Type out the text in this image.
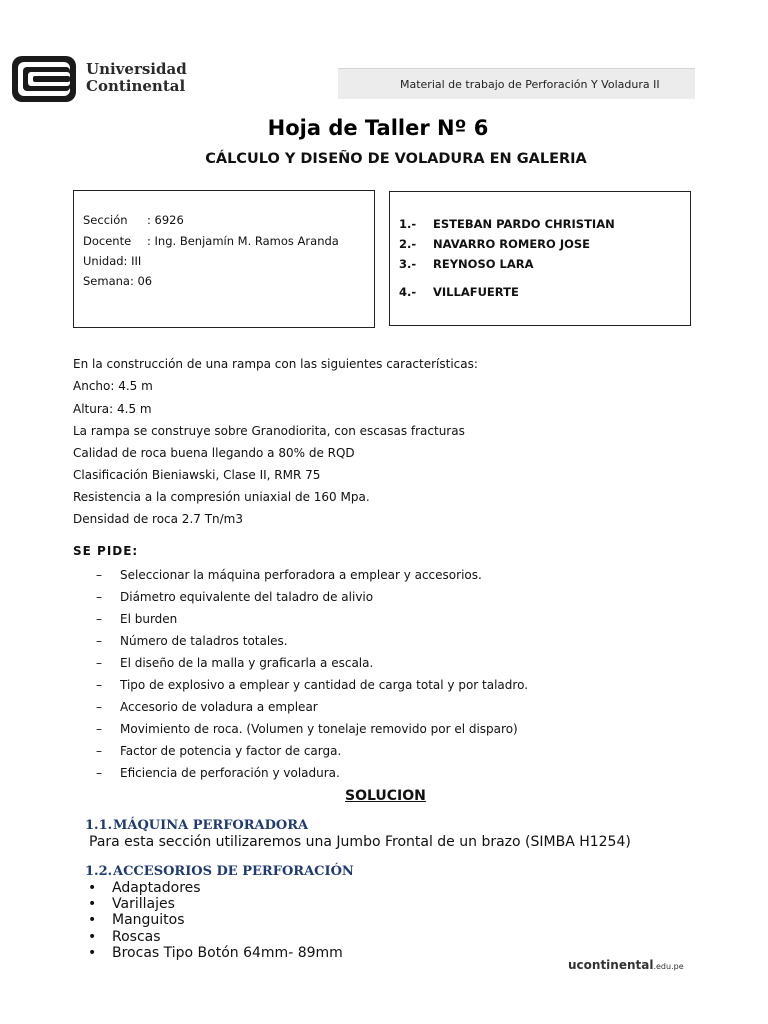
Universidad
Continental	Material de trabajo de Perforación Y Voladura II
Hoja de Taller Nº 6
CÁLCULO Y DISEÑO DE VOLADURA EN GALERIA
Sección : 6926
Docente : Ing. Benjamín M. Ramos Aranda
Unidad: III
Semana: 06
1.- ESTEBAN PARDO CHRISTIAN
2.- NAVARRO ROMERO JOSE
3.- REYNOSO LARA
4.- VILLAFUERTE
En la construcción de una rampa con las siguientes características:
Ancho: 4.5 m
Altura: 4.5 m
La rampa se construye sobre Granodiorita, con escasas fracturas
Calidad de roca buena llegando a 80% de RQD
Clasificación Bieniawski, Clase II, RMR 75
Resistencia a la compresión uniaxial de 160 Mpa.
Densidad de roca 2.7 Tn/m3
SE PIDE:
– Seleccionar la máquina perforadora a emplear y accesorios.
– Diámetro equivalente del taladro de alivio
– El burden
– Número de taladros totales.
– El diseño de la malla y graficarla a escala.
– Tipo de explosivo a emplear y cantidad de carga total y por taladro.
– Accesorio de voladura a emplear
– Movimiento de roca. (Volumen y tonelaje removido por el disparo)
– Factor de potencia y factor de carga.
– Eficiencia de perforación y voladura.
SOLUCION
1.1.MÁQUINA PERFORADORA
Para esta sección utilizaremos una Jumbo Frontal de un brazo (SIMBA H1254)
1.2.ACCESORIOS DE PERFORACIÓN
• Adaptadores
• Varillajes
• Manguitos
• Roscas
• Brocas Tipo Botón 64mm- 89mm
ucontinental.edu.pe
